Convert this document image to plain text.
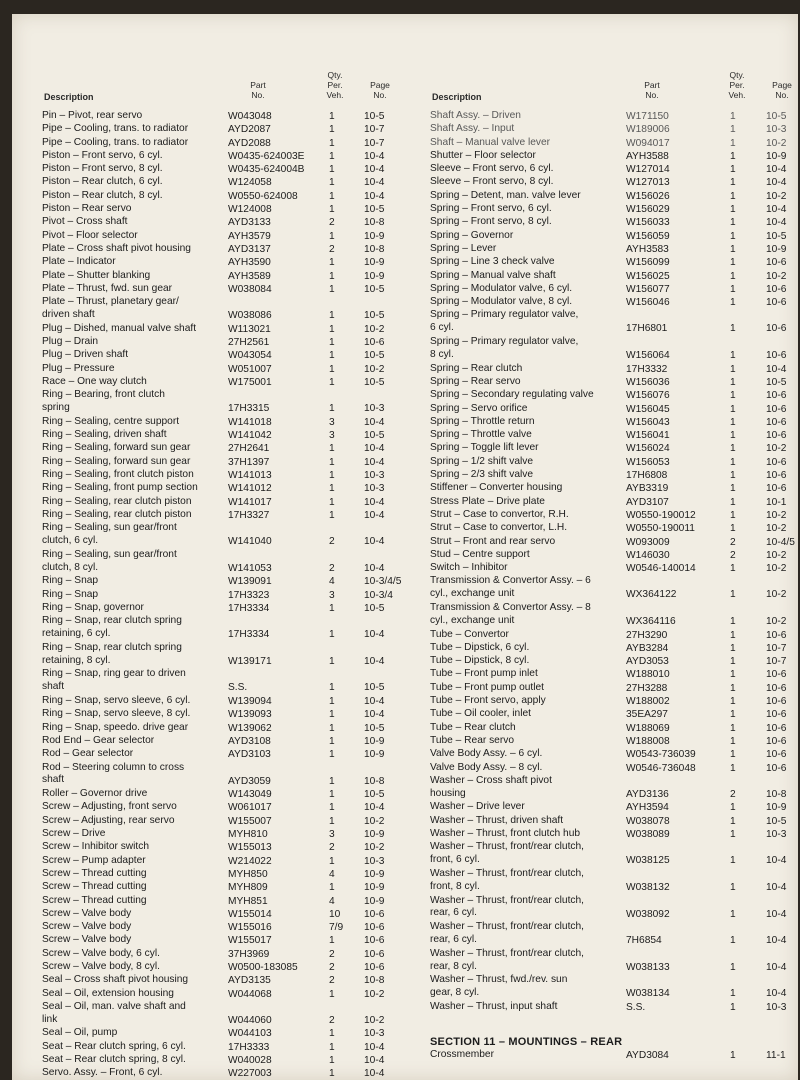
Description
Part
No.
Qty.
Per.
Veh.
Page
No.
Pin – Pivot, rear servo	W043048	1	10-5
Pipe – Cooling, trans. to radiator	AYD2087	1	10-7
Pipe – Cooling, trans. to radiator	AYD2088	1	10-7
Piston – Front servo, 6 cyl.	W0435-624003E 1	10-4
Piston – Front servo, 8 cyl.	W0435-624004B 1	10-4
Piston – Rear clutch, 6 cyl.	W124058	1	10-4
Piston – Rear clutch, 8 cyl.	W0550-624008	1	10-4
Piston – Rear servo	W124008	1	10-5
Pivot – Cross shaft	AYD3133	2	10-8
Pivot – Floor selector	AYH3579	1	10-9
Plate – Cross shaft pivot housing	AYD3137	2	10-8
Plate – Indicator	AYH3590	1	10-9
Plate – Shutter blanking	AYH3589	1	10-9
Plate – Thrust, fwd. sun gear	W038084	1	10-5
Plate – Thrust, planetary gear/
driven shaft	W038086	1	10-5
Plug – Dished, manual valve shaft	W113021	1	10-2
Plug – Drain	27H2561	1	10-6
Plug – Driven shaft	W043054	1	10-5
Plug – Pressure	W051007	1	10-2
Race – One way clutch	W175001	1	10-5
Ring – Bearing, front clutch
spring	17H3315	1	10-3
Ring – Sealing, centre support	W141018	3	10-4
Ring – Sealing, driven shaft	W141042	3	10-5
Ring – Sealing, forward sun gear	27H2641	1	10-4
Ring – Sealing, forward sun gear	37H1397	1	10-4
Ring – Sealing, front clutch piston	W141013	1	10-3
Ring – Sealing, front pump section	W141012	1	10-3
Ring – Sealing, rear clutch piston	W141017	1	10-4
Ring – Sealing, rear clutch piston	17H3327	1	10-4
Ring – Sealing, sun gear/front
clutch, 6 cyl.	W141040	2	10-4
Ring – Sealing, sun gear/front
clutch, 8 cyl.	W141053	2	10-4
Ring – Snap	W139091	4	10-3/4/5
Ring – Snap	17H3323	3	10-3/4
Ring – Snap, governor	17H3334	1	10-5
Ring – Snap, rear clutch spring
retaining, 6 cyl.	17H3334	1	10-4
Ring – Snap, rear clutch spring
retaining, 8 cyl.	W139171	1	10-4
Ring – Snap, ring gear to driven
shaft	S.S.	1	10-5
Ring – Snap, servo sleeve, 6 cyl.	W139094	1	10-4
Ring – Snap, servo sleeve, 8 cyl.	W139093	1	10-4
Ring – Snap, speedo. drive gear	W139062	1	10-5
Rod End – Gear selector	AYD3108	1	10-9
Rod – Gear selector	AYD3103	1	10-9
Rod – Steering column to cross
shaft	AYD3059	1	10-8
Roller – Governor drive	W143049	1	10-5
Screw – Adjusting, front servo	W061017	1	10-4
Screw – Adjusting, rear servo	W155007	1	10-2
Screw – Drive	MYH810	3	10-9
Screw – Inhibitor switch	W155013	2	10-2
Screw – Pump adapter	W214022	1	10-3
Screw – Thread cutting	MYH850	4	10-9
Screw – Thread cutting	MYH809	1	10-9
Screw – Thread cutting	MYH851	4	10-9
Screw – Valve body	W155014	10 10-6
Screw – Valve body	W155016	7/9 10-6
Screw – Valve body	W155017	1	10-6
Screw – Valve body, 6 cyl.	37H3969	2	10-6
Screw – Valve body, 8 cyl.	W0500-183085	2	10-6
Seal – Cross shaft pivot housing	AYD3135	2	10-8
Seal – Oil, extension housing	W044068	1	10-2
Seal – Oil, man. valve shaft and
link	W044060	2	10-2
Seal – Oil, pump	W044103	1	10-3
Seat – Rear clutch spring, 6 cyl.	17H3333	1	10-4
Seat – Rear clutch spring, 8 cyl.	W040028	1	10-4
Servo. Assy. – Front, 6 cyl.	W227003	1	10-4
Description
Part
No.
Qty.
Per.
Veh.
Page
No.
Shaft Assy. – Driven	W171150	1	10-5
Shaft Assy. – Input	W189006	1	10-3
Shaft – Manual valve lever	W094017	1	10-2
Shutter – Floor selector	AYH3588	1	10-9
Sleeve – Front servo, 6 cyl.	W127014	1	10-4
Sleeve – Front servo, 8 cyl.	W127013	1	10-4
Spring – Detent, man. valve lever	W156026	1	10-2
Spring – Front servo, 6 cyl.	W156029	1	10-4
Spring – Front servo, 8 cyl.	W156033	1	10-4
Spring – Governor	W156059	1	10-5
Spring – Lever	AYH3583	1	10-9
Spring – Line 3 check valve	W156099	1	10-6
Spring – Manual valve shaft	W156025	1	10-2
Spring – Modulator valve, 6 cyl.	W156077	1	10-6
Spring – Modulator valve, 8 cyl.	W156046	1	10-6
Spring – Primary regulator valve,
6 cyl.	17H6801	1	10-6
Spring – Primary regulator valve,
8 cyl.	W156064	1	10-6
Spring – Rear clutch	17H3332	1	10-4
Spring – Rear servo	W156036	1	10-5
Spring – Secondary regulating valve	W156076	1	10-6
Spring – Servo orifice	W156045	1	10-6
Spring – Throttle return	W156043	1	10-6
Spring – Throttle valve	W156041	1	10-6
Spring – Toggle lift lever	W156024	1	10-2
Spring – 1/2 shift valve	W156053	1	10-6
Spring – 2/3 shift valve	17H6808	1	10-6
Stiffener – Converter housing	AYB3319	1	10-6
Stress Plate – Drive plate	AYD3107	1	10-1
Strut – Case to convertor, R.H.	W0550-190012	1	10-2
Strut – Case to convertor, L.H.	W0550-190011	1	10-2
Strut – Front and rear servo	W093009	2	10-4/5
Stud – Centre support	W146030	2	10-2
Switch – Inhibitor	W0546-140014	1	10-2
Transmission & Convertor Assy. – 6
cyl., exchange unit	WX364122	1	10-2
Transmission & Convertor Assy. – 8
cyl., exchange unit	WX364116	1	10-2
Tube – Convertor	27H3290	1	10-6
Tube – Dipstick, 6 cyl.	AYB3284	1	10-7
Tube – Dipstick, 8 cyl.	AYD3053	1	10-7
Tube – Front pump inlet	W188010	1	10-6
Tube – Front pump outlet	27H3288	1	10-6
Tube – Front servo, apply	W188002	1	10-6
Tube – Oil cooler, inlet	35EA297	1	10-6
Tube – Rear clutch	W188069	1	10-6
Tube – Rear servo	W188008	1	10-6
Valve Body Assy. – 6 cyl.	W0543-736039	1	10-6
Valve Body Assy. – 8 cyl.	W0546-736048	1	10-6
Washer – Cross shaft pivot
housing	AYD3136	2	10-8
Washer – Drive lever	AYH3594	1	10-9
Washer – Thrust, driven shaft	W038078	1	10-5
Washer – Thrust, front clutch hub	W038089	1	10-3
Washer – Thrust, front/rear clutch,
front, 6 cyl.	W038125	1	10-4
Washer – Thrust, front/rear clutch,
front, 8 cyl.	W038132	1	10-4
Washer – Thrust, front/rear clutch,
rear, 6 cyl.	W038092	1	10-4
Washer – Thrust, front/rear clutch,
rear, 6 cyl.	7H6854	1	10-4
Washer – Thrust, front/rear clutch,
rear, 8 cyl.	W038133	1	10-4
Washer – Thrust, fwd./rev. sun
gear, 8 cyl.	W038134	1	10-4
Washer – Thrust, input shaft	S.S.	1	10-3
SECTION 11 – MOUNTINGS – REAR
Crossmember	AYD3084	1	11-1
